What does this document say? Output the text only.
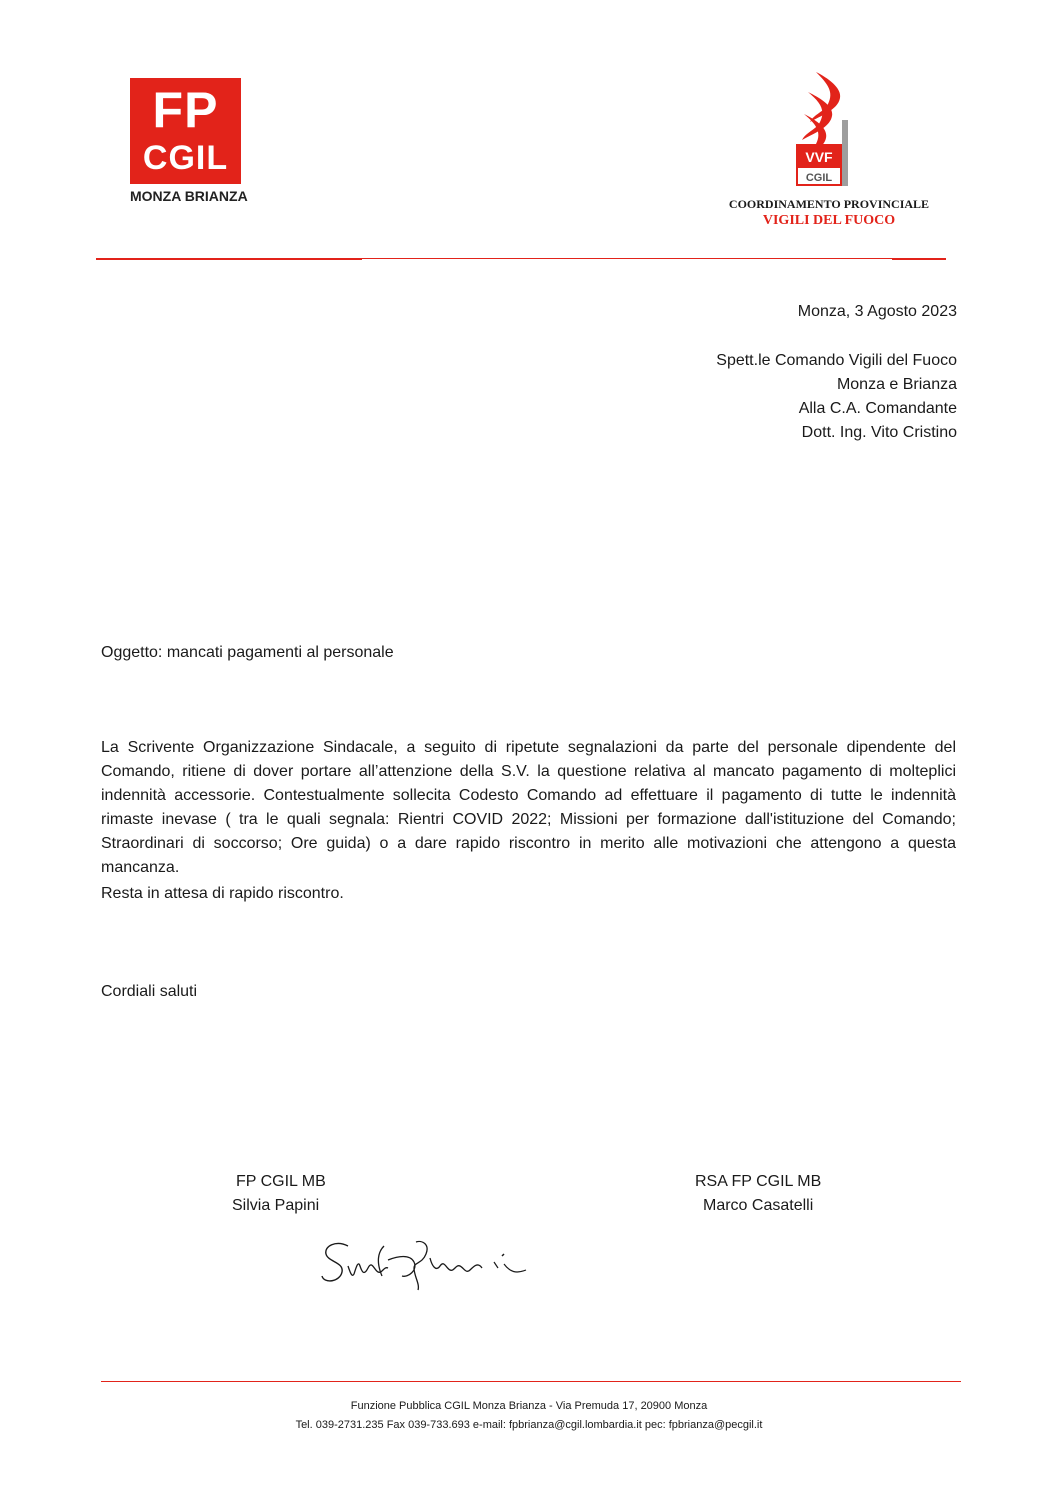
FP
CGIL
MONZA BRIANZA
VVF
CGIL
COORDINAMENTO PROVINCIALE
VIGILI DEL FUOCO
Monza, 3 Agosto 2023
Spett.le Comando Vigili del Fuoco
Monza e Brianza
Alla C.A. Comandante
Dott. Ing. Vito Cristino
Oggetto: mancati pagamenti al personale
La Scrivente Organizzazione Sindacale, a seguito di ripetute segnalazioni da parte del personale dipendente del Comando, ritiene di dover portare all’attenzione della S.V. la questione relativa al mancato pagamento di molteplici indennità accessorie. Contestualmente sollecita Codesto Comando ad effettuare il pagamento di tutte le indennità rimaste inevase ( tra le quali segnala: Rientri COVID 2022; Missioni per formazione dall'istituzione del Comando; Straordinari di soccorso; Ore guida) o a dare rapido riscontro in merito alle motivazioni che attengono a questa mancanza.
Resta in attesa di rapido riscontro.
Cordiali saluti
FP CGIL MB
Silvia Papini
RSA FP CGIL MB
Marco Casatelli
Funzione Pubblica CGIL Monza Brianza - Via Premuda 17, 20900 Monza
Tel. 039-2731.235 Fax 039-733.693 e-mail: fpbrianza@cgil.lombardia.it pec: fpbrianza@pecgil.it
